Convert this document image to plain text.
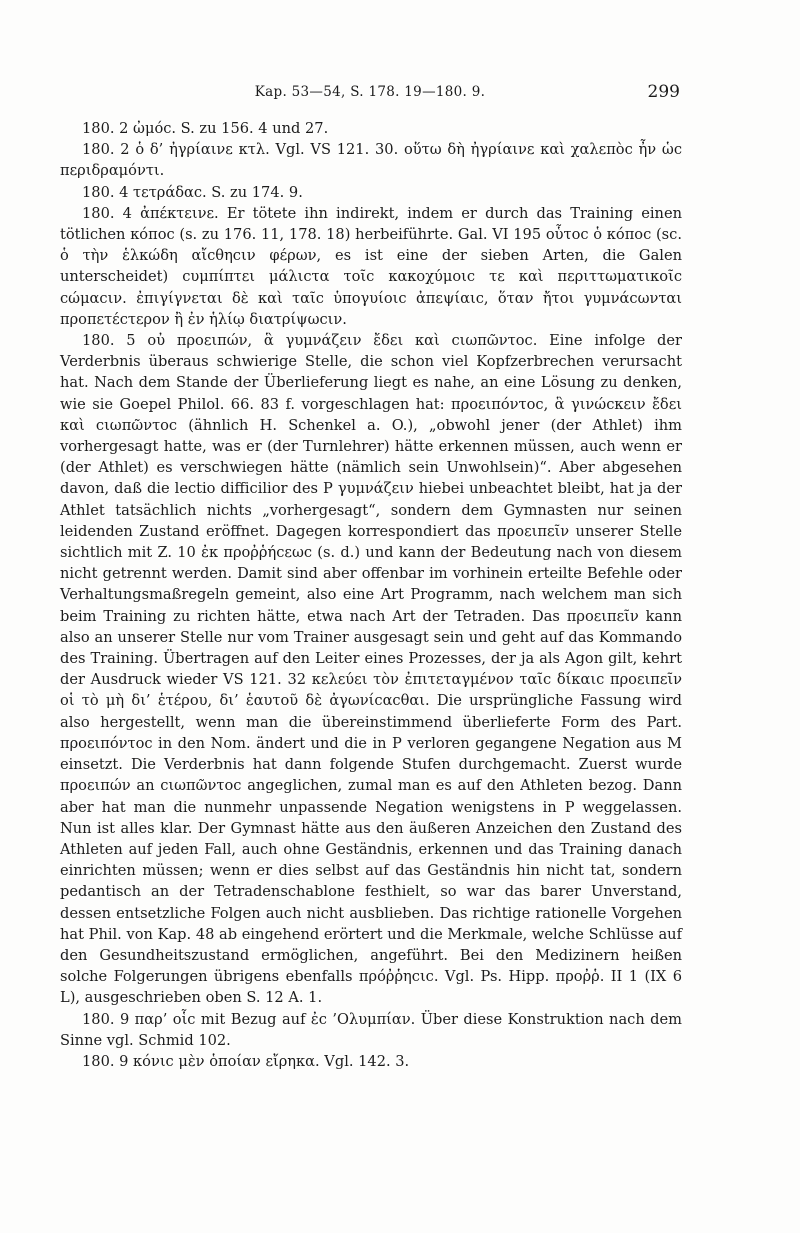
Kap. 53—54, S. 178. 19—180. 9.	299

180. 2 ὠμόϲ. S. zu 156. 4 und 27.

180. 2 ὁ δ’ ἠγρίαινε κτλ. Vgl. VS 121. 30. οὕτω δὴ ἠγρίαινε καὶ χαλεπὸϲ ἦν ὡϲ περιδραμόντι.

180. 4 τετράδαϲ. S. zu 174. 9.

180. 4 ἀπέκτεινε. Er tötete ihn indirekt, indem er durch das Training einen tötlichen κόποϲ (s. zu 176. 11, 178. 18) herbeiführte. Gal. VI 195 οὗτοϲ ὁ κόποϲ (sc. ὁ τὴν ἑλκώδη αἴϲθηϲιν φέρων, es ist eine der sieben Arten, die Galen unterscheidet) ϲυμπίπτει μάλιϲτα τοῖϲ κακοχύμοιϲ τε καὶ περιττωματικοῖϲ ϲώμαϲιν. ἐπιγίγνεται δὲ καὶ ταῖϲ ὑπογυίοιϲ ἀπεψίαιϲ, ὅταν ἤτοι γυμνάϲωνται προπετέϲτερον ἢ ἐν ἡλίῳ διατρίψωϲιν.

180. 5 οὐ προειπών, ἃ γυμνάζειν ἔδει καὶ ϲιωπῶντοϲ. Eine infolge der Verderbnis überaus schwierige Stelle, die schon viel Kopfzerbrechen verursacht hat. Nach dem Stande der Überlieferung liegt es nahe, an eine Lösung zu denken, wie sie Goepel Philol. 66. 83 f. vorgeschlagen hat: προειπόντοϲ, ἃ γινώϲκειν ἔδει καὶ ϲιωπῶντοϲ (ähnlich H. Schenkel a. O.), „obwohl jener (der Athlet) ihm vorhergesagt hatte, was er (der Turnlehrer) hätte erkennen müssen, auch wenn er (der Athlet) es verschwiegen hätte (nämlich sein Unwohlsein)“. Aber abgesehen davon, daß die lectio difficilior des P γυμνάζειν hiebei unbeachtet bleibt, hat ja der Athlet tatsächlich nichts „vorhergesagt“, sondern dem Gymnasten nur seinen leidenden Zustand eröffnet. Dagegen korrespondiert das προειπεῖν unserer Stelle sichtlich mit Z. 10 ἐκ προῤῥήϲεωϲ (s. d.) und kann der Bedeutung nach von diesem nicht getrennt werden. Damit sind aber offenbar im vorhinein erteilte Befehle oder Verhaltungsmaßregeln gemeint, also eine Art Programm, nach welchem man sich beim Training zu richten hätte, etwa nach Art der Tetraden. Das προειπεῖν kann also an unserer Stelle nur vom Trainer ausgesagt sein und geht auf das Kommando des Training. Übertragen auf den Leiter eines Prozesses, der ja als Agon gilt, kehrt der Ausdruck wieder VS 121. 32 κελεύει τὸν ἐπιτεταγμένον ταῖϲ δίκαιϲ προειπεῖν οἱ τὸ μὴ δι’ ἑτέρου, δι’ ἑαυτοῦ δὲ ἀγωνίϲαϲθαι. Die ursprüngliche Fassung wird also hergestellt, wenn man die übereinstimmend überlieferte Form des Part. προειπόντοϲ in den Nom. ändert und die in P verloren gegangene Negation aus M einsetzt. Die Verderbnis hat dann folgende Stufen durchgemacht. Zuerst wurde προειπών an ϲιωπῶντοϲ angeglichen, zumal man es auf den Athleten bezog. Dann aber hat man die nunmehr unpassende Negation wenigstens in P weggelassen. Nun ist alles klar. Der Gymnast hätte aus den äußeren Anzeichen den Zustand des Athleten auf jeden Fall, auch ohne Geständnis, erkennen und das Training danach einrichten müssen; wenn er dies selbst auf das Geständnis hin nicht tat, sondern pedantisch an der Tetradenschablone festhielt, so war das barer Unverstand, dessen entsetzliche Folgen auch nicht ausblieben. Das richtige rationelle Vorgehen hat Phil. von Kap. 48 ab eingehend erörtert und die Merkmale, welche Schlüsse auf den Gesundheitszustand ermöglichen, angeführt. Bei den Medizinern heißen solche Folgerungen übrigens ebenfalls πρόῤῥηϲιϲ. Vgl. Ps. Hipp. προῤῥ. II 1 (IX 6 L), ausgeschrieben oben S. 12 A. 1.

180. 9 παρ’ οἷϲ mit Bezug auf ἐϲ ’Ολυμπίαν. Über diese Konstruktion nach dem Sinne vgl. Schmid 102.

180. 9 κόνιϲ μὲν ὁποίαν εἴρηκα. Vgl. 142. 3.
